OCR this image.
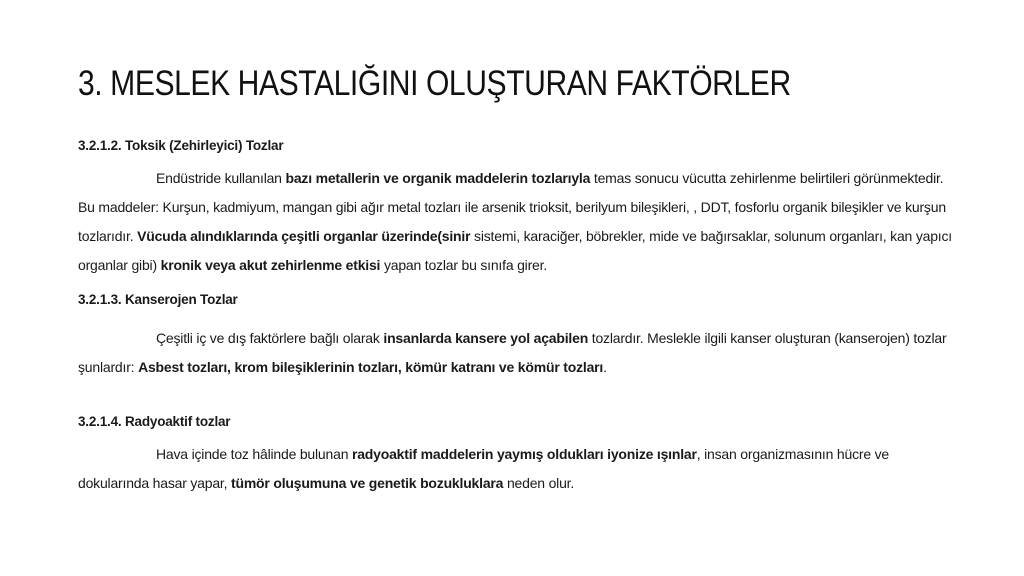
3. MESLEK HASTALIĞINI OLUŞTURAN FAKTÖRLER

3.2.1.2. Toksik (Zehirleyici) Tozlar

Endüstride kullanılan bazı metallerin ve organik maddelerin tozlarıyla temas sonucu vücutta zehirlenme belirtileri görünmektedir. Bu maddeler: Kurşun, kadmiyum, mangan gibi ağır metal tozları ile arsenik trioksit, berilyum bileşikleri, , DDT, fosforlu organik bileşikler ve kurşun tozlarıdır. Vücuda alındıklarında çeşitli organlar üzerinde(sinir sistemi, karaciğer, böbrekler, mide ve bağırsaklar, solunum organları, kan yapıcı organlar gibi) kronik veya akut zehirlenme etkisi yapan tozlar bu sınıfa girer.

3.2.1.3. Kanserojen Tozlar

Çeşitli iç ve dış faktörlere bağlı olarak insanlarda kansere yol açabilen tozlardır. Meslekle ilgili kanser oluşturan (kanserojen) tozlar şunlardır: Asbest tozları, krom bileşiklerinin tozları, kömür katranı ve kömür tozları.

3.2.1.4. Radyoaktif tozlar

Hava içinde toz hâlinde bulunan radyoaktif maddelerin yaymış oldukları iyonize ışınlar, insan organizmasının hücre ve dokularında hasar yapar, tümör oluşumuna ve genetik bozukluklara neden olur.
